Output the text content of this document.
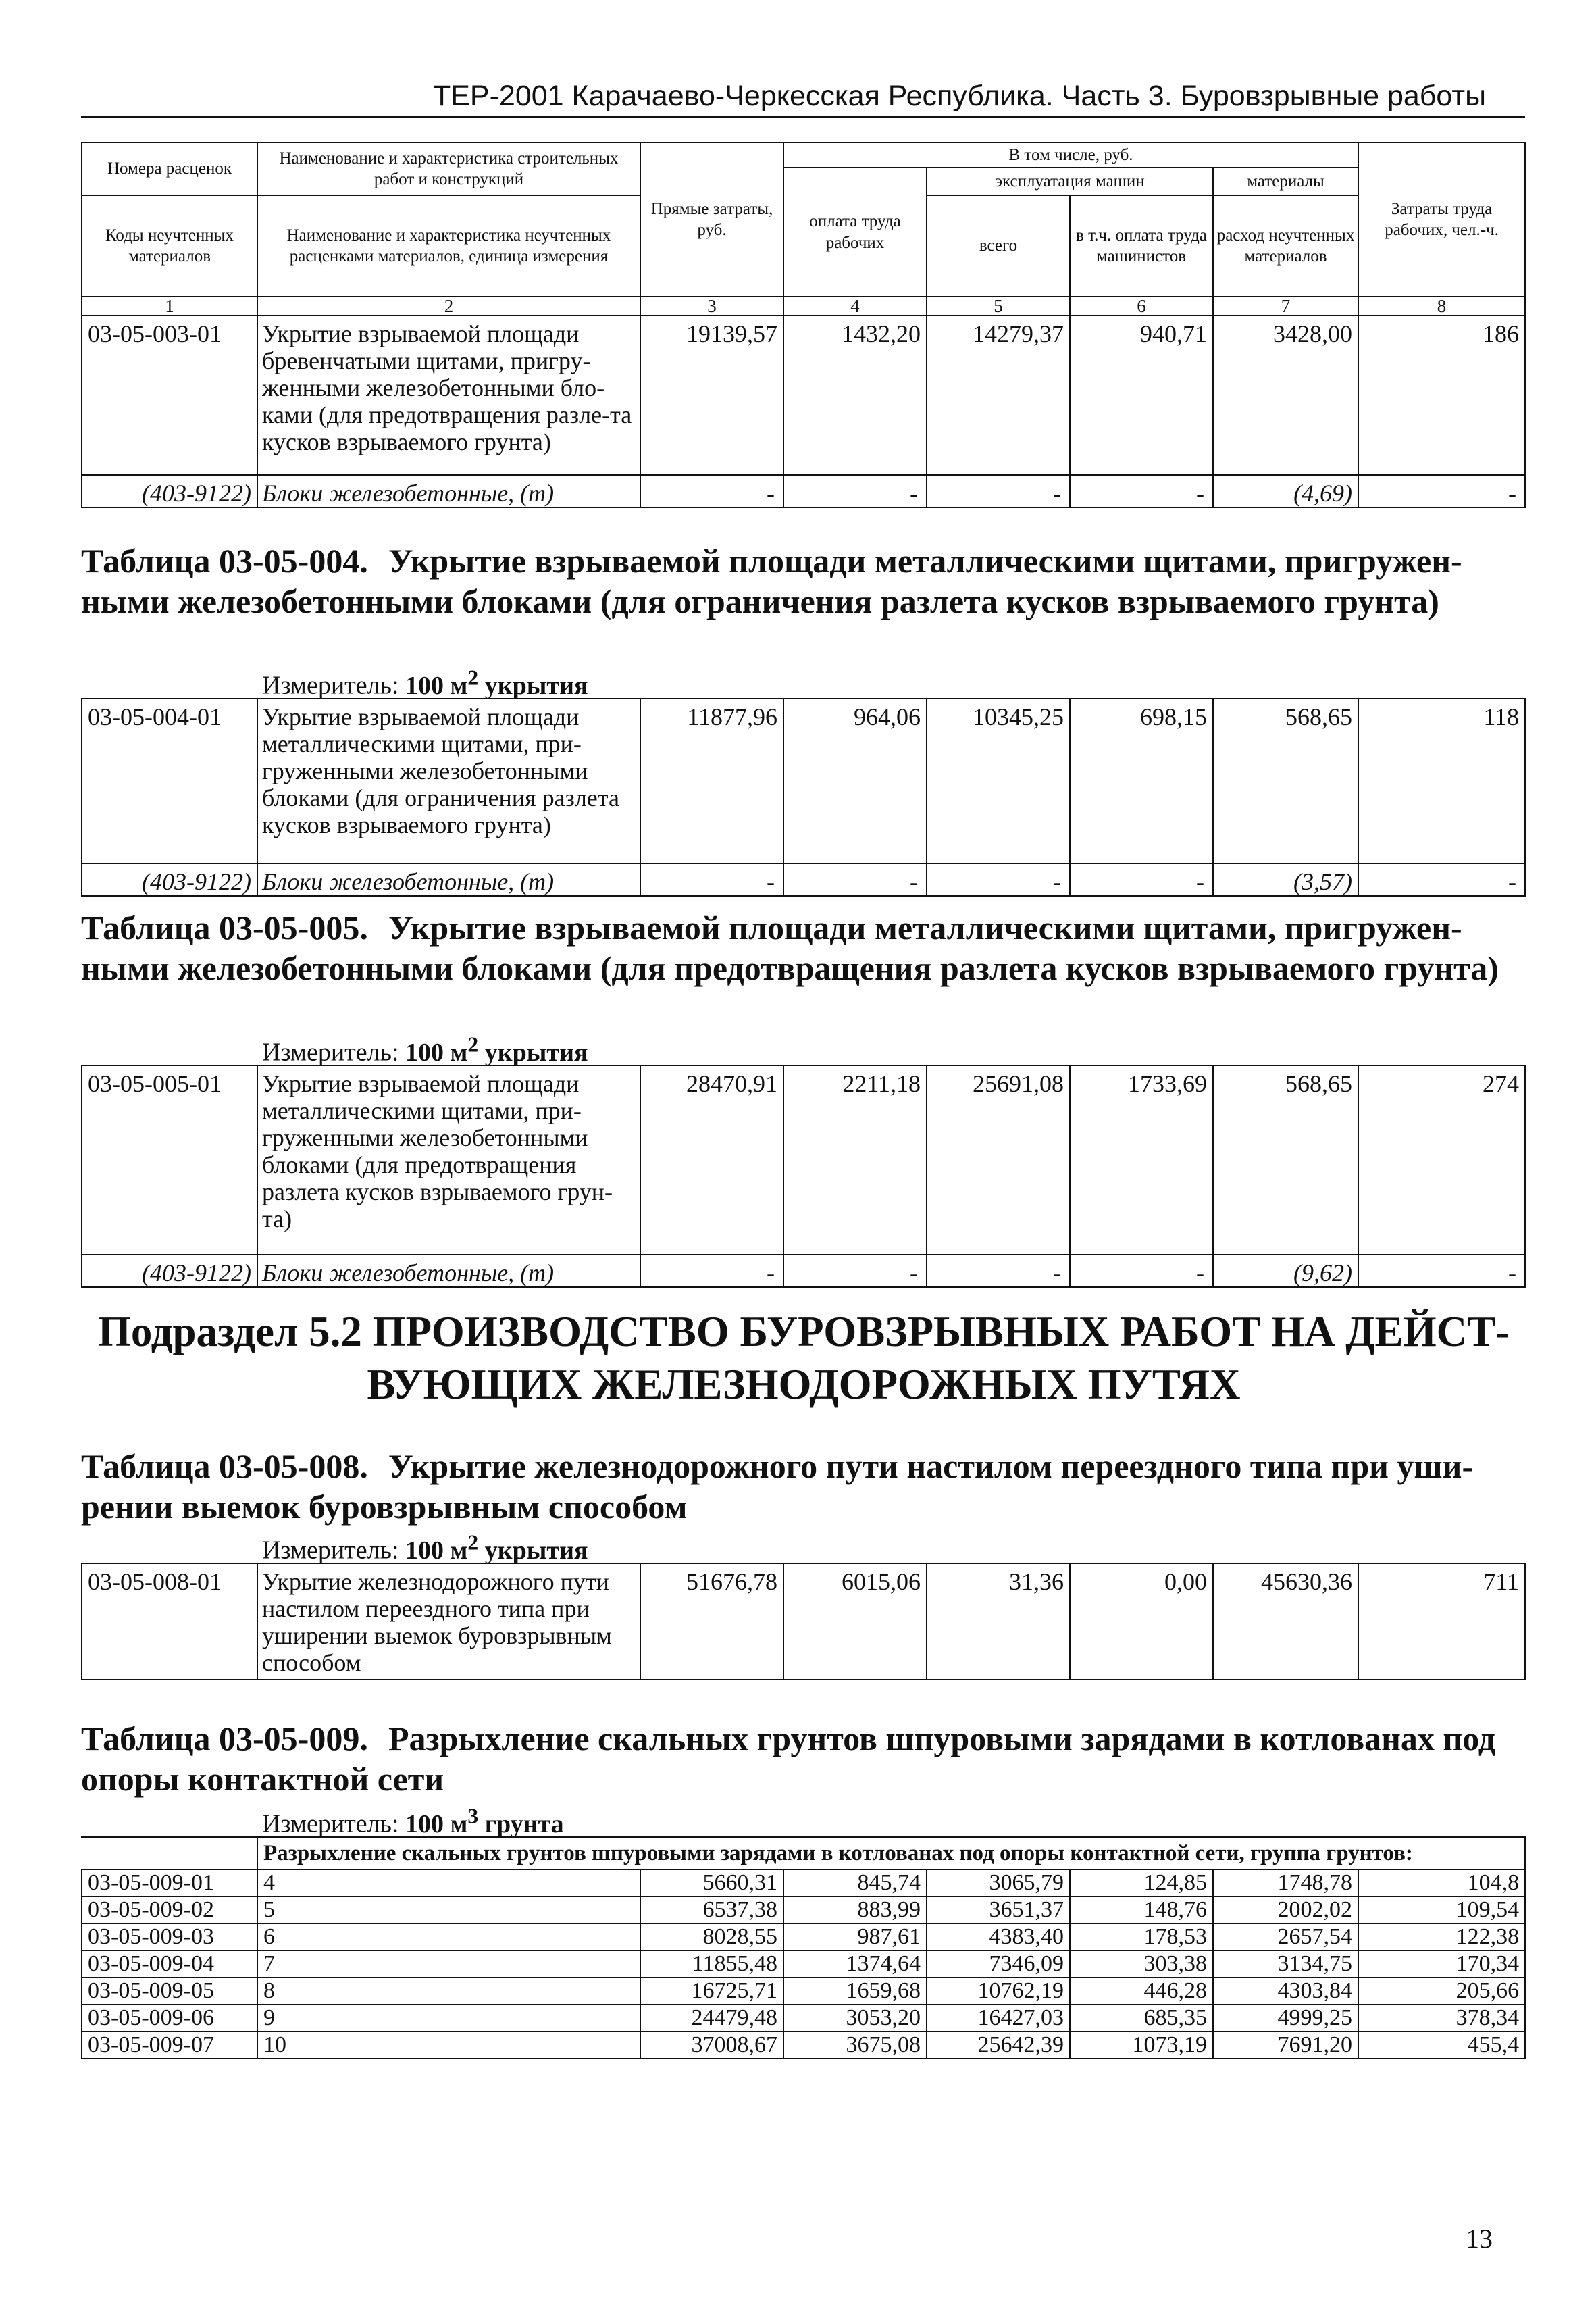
ТЕР-2001 Карачаево-Черкесская Республика. Часть 3. Буровзрывные работы
Номера расценок	Наименование и характеристика строительных работ и конструкций	Прямые затраты, руб.	В том числе, руб.				Затраты труда рабочих, чел.-ч.
			оплата труда рабочих	эксплуатация машин		материалы	
Коды неучтенных материалов	Наименование и характеристика неучтенных расценками материалов, единица измерения			всего	в т.ч. оплата труда машинистов	расход неучтенных материалов	
1	2	3	4	5	6	7	8
03-05-003-01	Укрытие взрываемой площади бревенчатыми щитами, пригру-женными железобетонными бло-ками (для предотвращения разле-та кусков взрываемого грунта)	19139,57	1432,20	14279,37	940,71	3428,00	186
(403-9122)	Блоки железобетонные, (т)	-	-	-	-	(4,69)	-
Таблица 03-05-004. Укрытие взрываемой площади металлическими щитами, пригружен-ными железобетонными блоками (для ограничения разлета кусков взрываемого грунта)
Измеритель: 100 $м^2$ укрытия
03-05-004-01	Укрытие взрываемой площади металлическими щитами, при-груженными железобетонными блоками (для ограничения разлета кусков взрываемого грунта)	11877,96	964,06	10345,25	698,15	568,65	118
(403-9122)	Блоки железобетонные, (т)	-	-	-	-	(3,57)	-
Таблица 03-05-005. Укрытие взрываемой площади металлическими щитами, пригружен-ными железобетонными блоками (для предотвращения разлета кусков взрываемого грунта)
Измеритель: 100 $м^2$ укрытия
03-05-005-01	Укрытие взрываемой площади металлическими щитами, при-груженными железобетонными блоками (для предотвращения разлета кусков взрываемого грун-та)	28470,91	2211,18	25691,08	1733,69	568,65	274
(403-9122)	Блоки железобетонные, (т)	-	-	-	-	(9,62)	-
Подраздел 5.2 ПРОИЗВОДСТВО БУРОВЗРЫВНЫХ РАБОТ НА ДЕЙСТ-
ВУЮЩИХ ЖЕЛЕЗНОДОРОЖНЫХ ПУТЯХ
Таблица 03-05-008. Укрытие железнодорожного пути настилом переездного типа при уши-рении выемок буровзрывным способом
Измеритель: 100 $м^2$ укрытия
03-05-008-01	Укрытие железнодорожного пути настилом переездного типа при уширении выемок буровзрывным способом	51676,78	6015,06	31,36	0,00	45630,36	711
Таблица 03-05-009. Разрыхление скальных грунтов шпуровыми зарядами в котлованах под опоры контактной сети
Измеритель: 100 $м^3$ грунта
	Разрыхление скальных грунтов шпуровыми зарядами в котлованах под опоры контактной сети, группа грунтов:						
03-05-009-01	4	5660,31	845,74	3065,79	124,85	1748,78	104,8
03-05-009-02	5	6537,38	883,99	3651,37	148,76	2002,02	109,54
03-05-009-03	6	8028,55	987,61	4383,40	178,53	2657,54	122,38
03-05-009-04	7	11855,48	1374,64	7346,09	303,38	3134,75	170,34
03-05-009-05	8	16725,71	1659,68	10762,19	446,28	4303,84	205,66
03-05-009-06	9	24479,48	3053,20	16427,03	685,35	4999,25	378,34
03-05-009-07	10	37008,67	3675,08	25642,39	1073,19	7691,20	455,4
13
